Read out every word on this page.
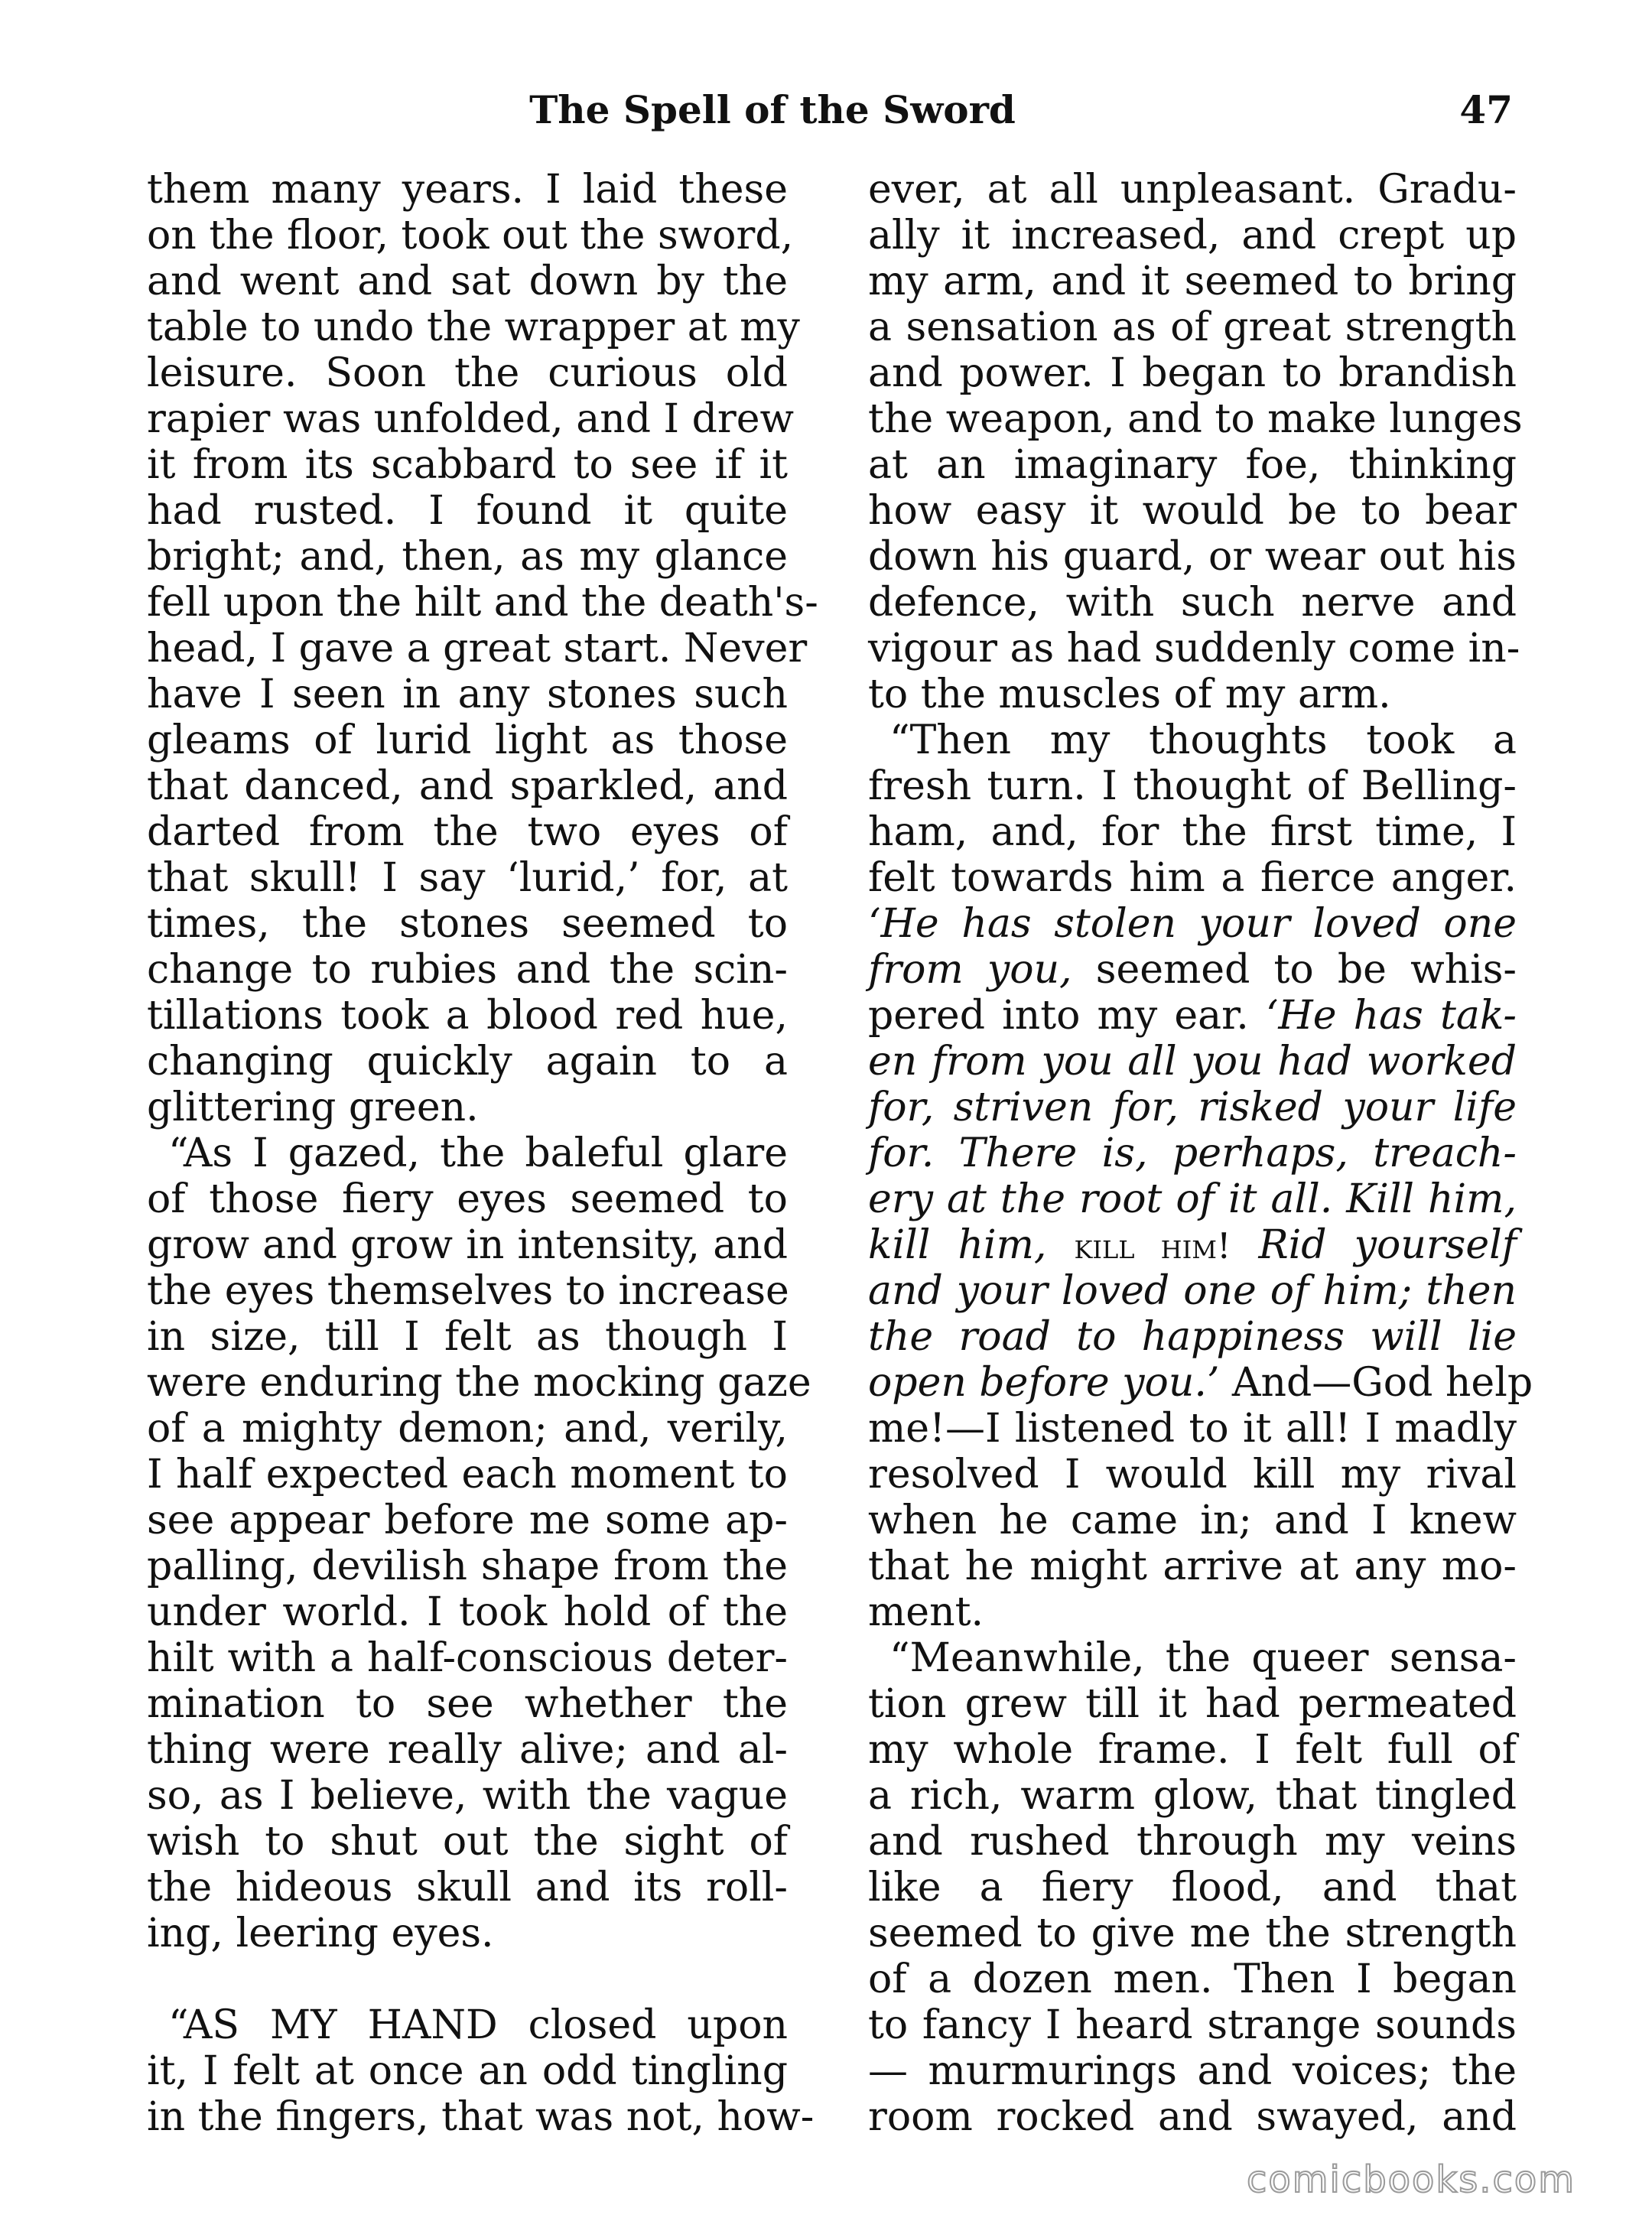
The Spell of the Sword	47
them many years. I laid these
on the floor, took out the sword,
and went and sat down by the
table to undo the wrapper at my
leisure. Soon the curious old
rapier was unfolded, and I drew
it from its scabbard to see if it
had rusted. I found it quite
bright; and, then, as my glance
fell upon the hilt and the death's-
head, I gave a great start. Never
have I seen in any stones such
gleams of lurid light as those
that danced, and sparkled, and
darted from the two eyes of
that skull! I say ‘lurid,’ for, at
times, the stones seemed to
change to rubies and the scin-
tillations took a blood red hue,
changing quickly again to a
glittering green.
“As I gazed, the baleful glare
of those fiery eyes seemed to
grow and grow in intensity, and
the eyes themselves to increase
in size, till I felt as though I
were enduring the mocking gaze
of a mighty demon; and, verily,
I half expected each moment to
see appear before me some ap-
palling, devilish shape from the
under world. I took hold of the
hilt with a half-conscious deter-
mination to see whether the
thing were really alive; and al-
so, as I believe, with the vague
wish to shut out the sight of
the hideous skull and its roll-
ing, leering eyes.
“AS MY HAND closed upon
it, I felt at once an odd tingling
in the fingers, that was not, how-
ever, at all unpleasant. Gradu-
ally it increased, and crept up
my arm, and it seemed to bring
a sensation as of great strength
and power. I began to brandish
the weapon, and to make lunges
at an imaginary foe, thinking
how easy it would be to bear
down his guard, or wear out his
defence, with such nerve and
vigour as had suddenly come in-
to the muscles of my arm.
“Then my thoughts took a
fresh turn. I thought of Belling-
ham, and, for the first time, I
felt towards him a fierce anger.
‘He has stolen your loved one
from you, seemed to be whis-
pered into my ear. ‘He has tak-
en from you all you had worked
for, striven for, risked your life
for. There is, perhaps, treach-
ery at the root of it all. Kill him,
kill him, kill him! Rid yourself
and your loved one of him; then
the road to happiness will lie
open before you.’ And—God help
me!—I listened to it all! I madly
resolved I would kill my rival
when he came in; and I knew
that he might arrive at any mo-
ment.
“Meanwhile, the queer sensa-
tion grew till it had permeated
my whole frame. I felt full of
a rich, warm glow, that tingled
and rushed through my veins
like a fiery flood, and that
seemed to give me the strength
of a dozen men. Then I began
to fancy I heard strange sounds
— murmurings and voices; the
room rocked and swayed, and
comicbooks.com
